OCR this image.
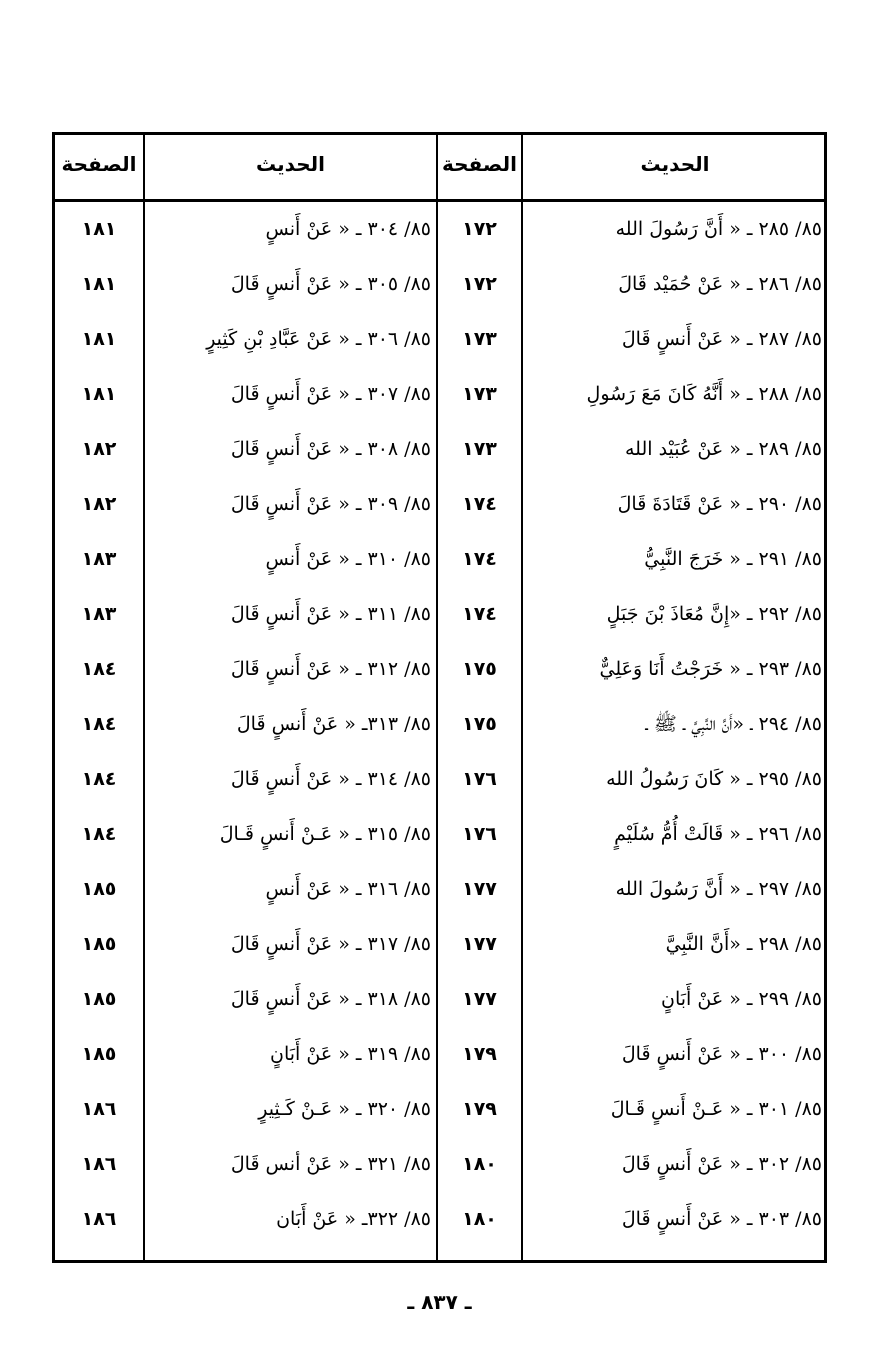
الصفحة	الحديث	الصفحة	الحديث
١٨١	٨٥/ ٣٠٤ ـ « عَنْ أَنسٍ	١٧٢	٨٥/ ٢٨٥ ـ « أَنَّ رَسُولَ الله
١٨١	٨٥/ ٣٠٥ ـ « عَنْ أَنسٍ قَالَ	١٧٢	٨٥/ ٢٨٦ ـ « عَنْ حُمَيْد قَالَ
١٨١	٨٥/ ٣٠٦ ـ « عَنْ عَبَّادِ بْنِ كَثِيرٍ	١٧٣	٨٥/ ٢٨٧ ـ « عَنْ أَنسٍ قَالَ
١٨١	٨٥/ ٣٠٧ ـ « عَنْ أَنسٍ قَالَ	١٧٣	٨٥/ ٢٨٨ ـ « أَنَّهُ كَانَ مَعَ رَسُولِ
١٨٢	٨٥/ ٣٠٨ ـ « عَنْ أَنسٍ قَالَ	١٧٣	٨٥/ ٢٨٩ ـ « عَنْ عُبَيْد الله
١٨٢	٨٥/ ٣٠٩ ـ « عَنْ أَنسٍ قَالَ	١٧٤	٨٥/ ٢٩٠ ـ « عَنْ قَتَادَةَ قَالَ
١٨٣	٨٥/ ٣١٠ ـ « عَنْ أَنسٍ	١٧٤	٨٥/ ٢٩١ ـ « خَرَجَ النَّبِيُّ
١٨٣	٨٥/ ٣١١ ـ « عَنْ أَنسٍ قَالَ	١٧٤	٨٥/ ٢٩٢ ـ «إِنَّ مُعَاذَ بْنَ جَبَلٍ
١٨٤	٨٥/ ٣١٢ ـ « عَنْ أَنسٍ قَالَ	١٧٥	٨٥/ ٢٩٣ ـ « خَرَجْتُ أَنَا وَعَلِيٌّ
١٨٤	٨٥/ ٣١٣ـ « عَنْ أَنسٍ قَالَ	١٧٥	٨٥/ ٢٩٤ ـ «أَنَّ النَّبِيَّ ـ ﷺ ـ
١٨٤	٨٥/ ٣١٤ ـ « عَنْ أَنسٍ قَالَ	١٧٦	٨٥/ ٢٩٥ ـ « كَانَ رَسُولُ الله
١٨٤	٨٥/ ٣١٥ ـ « عَـنْ أَنسٍ قَـالَ	١٧٦	٨٥/ ٢٩٦ ـ « قَالَتْ أُمُّ سُلَيْمٍ
١٨٥	٨٥/ ٣١٦ ـ « عَنْ أَنسٍ	١٧٧	٨٥/ ٢٩٧ ـ « أَنَّ رَسُولَ الله
١٨٥	٨٥/ ٣١٧ ـ « عَنْ أَنسٍ قَالَ	١٧٧	٨٥/ ٢٩٨ ـ «أَنَّ النَّبِيَّ
١٨٥	٨٥/ ٣١٨ ـ « عَنْ أَنسٍ قَالَ	١٧٧	٨٥/ ٢٩٩ ـ « عَنْ أَبَانٍ
١٨٥	٨٥/ ٣١٩ ـ « عَنْ أَبَانٍ	١٧٩	٨٥/ ٣٠٠ ـ « عَنْ أَنسٍ قَالَ
١٨٦	٨٥/ ٣٢٠ ـ « عَـنْ كَـثِيرٍ	١٧٩	٨٥/ ٣٠١ ـ « عَـنْ أَنسٍ قَـالَ
١٨٦	٨٥/ ٣٢١ ـ « عَنْ أنس قَالَ	١٨٠	٨٥/ ٣٠٢ ـ « عَنْ أَنسٍ قَالَ
١٨٦	٨٥/ ٣٢٢ـ « عَنْ أَبَان	١٨٠	٨٥/ ٣٠٣ ـ « عَنْ أَنسٍ قَالَ
ـ ٨٣٧ ـ
